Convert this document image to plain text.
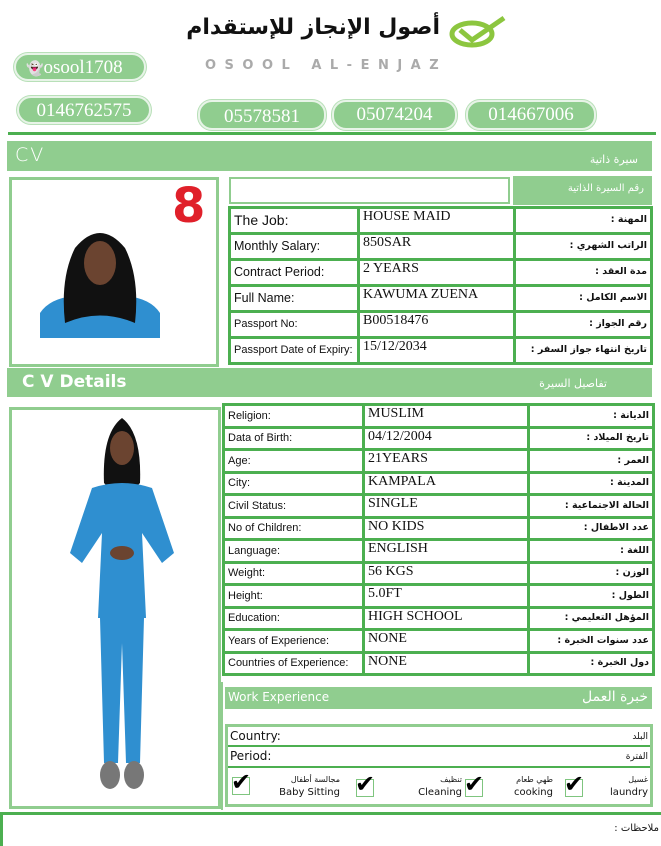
أصول الإنجاز للإستقدام
OSOOL AL-ENJAZ
👻osool1708
0146762575	05578581	05074204	014667006
CV	سيرة ذاتية
8	رقم السيرة الذاتية
The Job:	HOUSE MAID	المهنة :
Monthly Salary:	850SAR	الراتب الشهري :
Contract Period:	2 YEARS	مدة العقد :
Full Name:	KAWUMA ZUENA	الاسم الكامل :
Passport No:	B00518476	رقم الجواز :
Passport Date of Expiry:	15/12/2034	تاريخ انتهاء جواز السفر :
C V Details	تفاصيل السيرة
Religion:	MUSLIM	الديانة :
Data of Birth:	04/12/2004	تاريخ الميلاد :
Age:	21YEARS	العمر :
City:	KAMPALA	المدينة :
Civil Status:	SINGLE	الحالة الاجتماعية :
No of Children:	NO KIDS	عدد الاطفال :
Language:	ENGLISH	اللغة :
Weight:	56 KGS	الوزن :
Height:	5.0FT	الطول :
Education:	HIGH SCHOOL	المؤهل التعليمي :
Years of Experience:	NONE	عدد سنوات الخبرة :
Countries of Experience:	NONE	دول الخبرة :
Work Experience	خبرة العمل
Country:	البلد
Period:	الفترة
✔	مجالسة أطفال
Baby Sitting ✔	تنظيف
Cleaning ✔	طهي طعام
cooking ✔	غسيل
laundry
ملاحظات :
